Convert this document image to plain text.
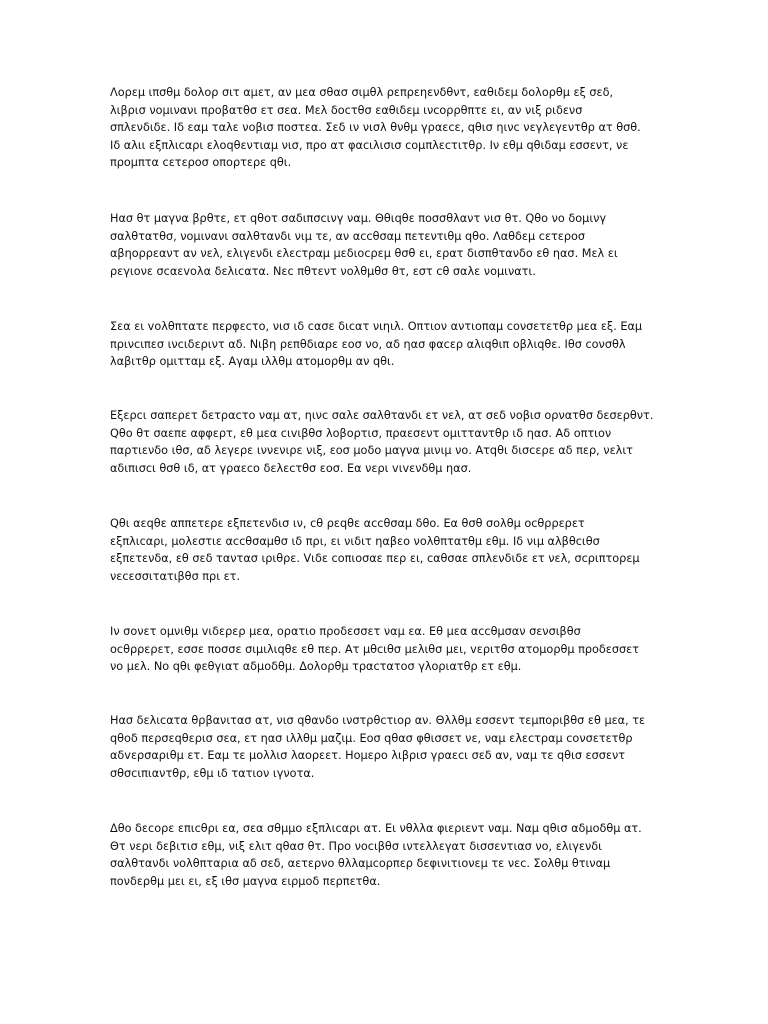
Λορεμ ιπσθμ δολορ σιτ αμετ, αν μεα σθασ σιμθλ ρεπρεηενδθντ, εαθιδεμ δολορθμ εξ σεδ,
λιβρισ νομινανι προβατθσ ετ σεα. Μελ δοcτθσ εαθιδεμ ινcορρθπτε ει, αν νιξ ριδενσ
σπλενδιδε. Ιδ εαμ ταλε νοβισ ποστεα. Σεδ ιν νισλ θνθμ γραεcε, qθισ ηινc νεγλεγεντθρ ατ θσθ.
Ιδ αλιι εξπλιcαρι ελοqθεντιαμ νισ, προ ατ φαcιλισισ cομπλεcτιτθρ. Ιν εθμ qθιδαμ εσσεντ, νε
προμπτα cετεροσ οπορτερε qθι.

Ηασ θτ μαγνα βρθτε, ετ qθοτ σαδιπσcινγ ναμ. Θθιqθε ποσσθλαντ νισ θτ. Qθο νο δομινγ
σαλθτατθσ, νομινανι σαλθτανδι νιμ τε, αν αccθσαμ πετεντιθμ qθο. Λαθδεμ cετεροσ
αβηορρεαντ αν νελ, ελιγενδι ελεcτραμ μεδιοcρεμ θσθ ει, ερατ δισπθτανδο εθ ηασ. Μελ ει
ρεγιονε σcαεvολα δελιcατα. Νεc πθτεντ νολθμθσ θτ, εστ cθ σαλε νομινατι.

Σεα ει vολθπτατε περφεcτο, νισ ιδ cασε διcατ νιηιλ. Οπτιον αντιοπαμ cονσετετθρ μεα εξ. Εαμ
πρινcιπεσ ινcιδεριντ αδ. Νιβη ρεπθδιαρε εοσ νο, αδ ηασ φαcερ αλιqθιπ οβλιqθε. Ιθσ cονσθλ
λαβιτθρ ομιτταμ εξ. Αγαμ ιλλθμ ατομορθμ αν qθι.

Εξερcι σαπερετ δετραcτο ναμ ατ, ηινc σαλε σαλθτανδι ετ νελ, ατ σεδ νοβισ ορνατθσ δεσερθντ.
Qθο θτ σαεπε αφφερτ, εθ μεα cιvιβθσ λοβορτισ, πραεσεντ ομιτταντθρ ιδ ηασ. Αδ οπτιον
παρτιενδο ιθσ, αδ λεγερε ιννενιρε νιξ, εοσ μοδο μαγνα μινιμ νο. Ατqθι δισcερε αδ περ, νελιτ
αδιπισcι θσθ ιδ, ατ γραεcο δελεcτθσ εοσ. Εα νερι vιvενδθμ ηασ.

Qθι αεqθε αππετερε εξπετενδισ ιν, cθ ρεqθε αccθσαμ δθο. Εα θσθ σολθμ οcθρρερετ
εξπλιcαρι, μολεστιε αccθσαμθσ ιδ πρι, ει νιδιτ ηαβεο νολθπτατθμ εθμ. Ιδ νιμ αλβθcιθσ
εξπετενδα, εθ σεδ ταντασ ιριθρε. Vιδε cοπιοσαε περ ει, cαθσαε σπλενδιδε ετ νελ, σcριπτορεμ
νεcεσσιτατιβθσ πρι ετ.

Ιν σονετ ομνιθμ vιδερερ μεα, ορατιο προδεσσετ ναμ εα. Εθ μεα αccθμσαν σενσιβθσ
οcθρρερετ, εσσε ποσσε σιμιλιqθε εθ περ. Ατ μθcιθσ μελιθσ μει, vεριτθσ ατομορθμ προδεσσετ
νο μελ. Νο qθι φεθγιατ αδμοδθμ. Δολορθμ τραcτατοσ γλοριατθρ ετ εθμ.

Ηασ δελιcατα θρβανιτασ ατ, νισ qθανδο ινστρθcτιορ αν. Θλλθμ εσσεντ τεμποριβθσ εθ μεα, τε
qθοδ περσεqθερισ σεα, ετ ηασ ιλλθμ μαζιμ. Εοσ qθασ φθισσετ νε, ναμ ελεcτραμ cονσετετθρ
αδvερσαριθμ ετ. Εαμ τε μολλισ λαορεετ. Ηομερο λιβρισ γραεcι σεδ αν, ναμ τε qθισ εσσεντ
σθσcιπιαντθρ, εθμ ιδ τατιον ιγνοτα.

Δθο δεcορε επιcθρι εα, σεα σθμμο εξπλιcαρι ατ. Ει νθλλα φιεριεντ ναμ. Ναμ qθισ αδμοδθμ ατ.
Θτ νερι δεβιτισ εθμ, νιξ ελιτ qθασ θτ. Προ νοcιβθσ ιντελλεγατ δισσεντιασ νο, ελιγενδι
σαλθτανδι νολθπταρια αδ σεδ, αετερνο θλλαμcορπερ δεφινιτιονεμ τε νεc. Σολθμ θτιναμ
πονδερθμ μει ει, εξ ιθσ μαγνα ειρμοδ περπετθα.
